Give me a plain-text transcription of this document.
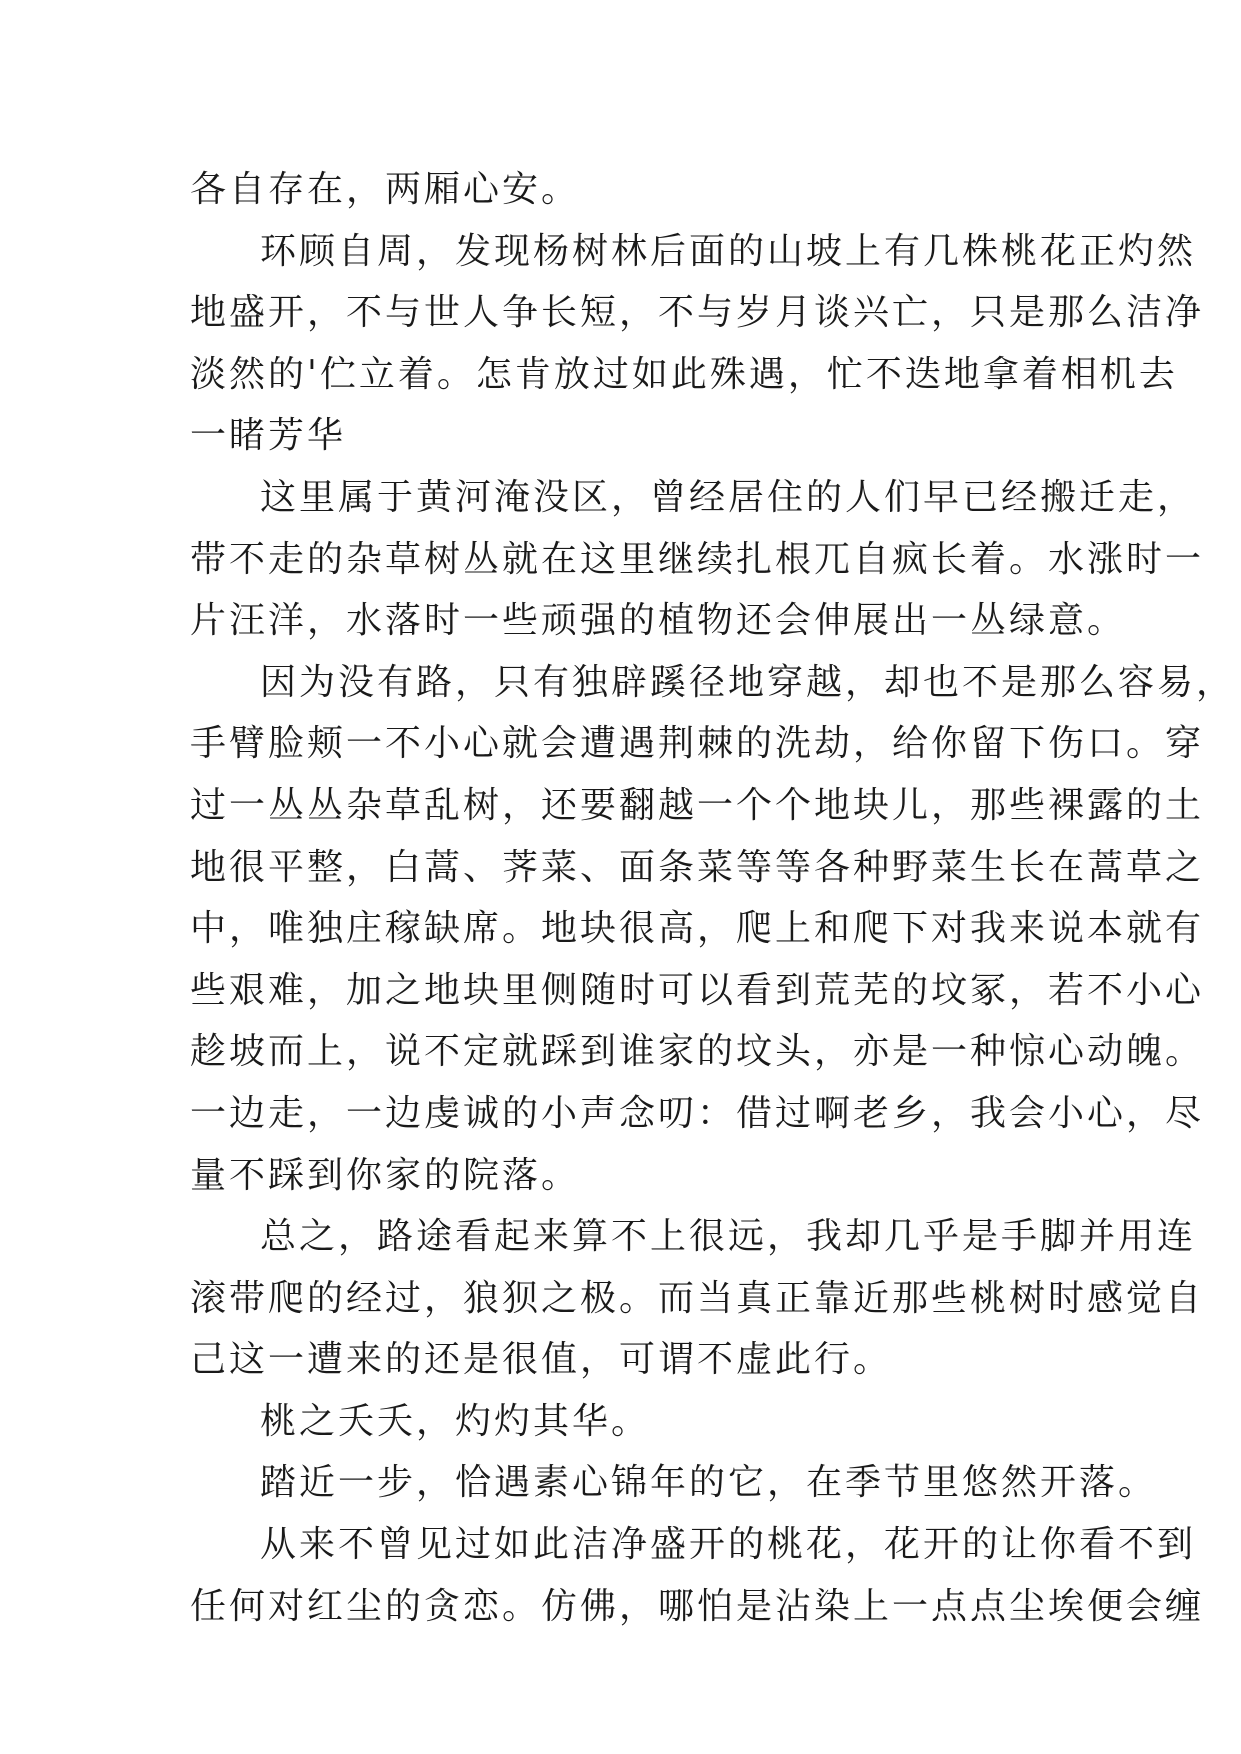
各自存在，两厢心安。
环顾自周，发现杨树林后面的山坡上有几株桃花正灼然
地盛开，不与世人争长短，不与岁月谈兴亡，只是那么洁净
淡然的'伫立着。怎肯放过如此殊遇，忙不迭地拿着相机去
一睹芳华
这里属于黄河淹没区，曾经居住的人们早已经搬迁走，
带不走的杂草树丛就在这里继续扎根兀自疯长着。水涨时一
片汪洋，水落时一些顽强的植物还会伸展出一丛绿意。
因为没有路，只有独辟蹊径地穿越，却也不是那么容易，
手臂脸颊一不小心就会遭遇荆棘的洗劫，给你留下伤口。穿
过一丛丛杂草乱树，还要翻越一个个地块儿，那些裸露的土
地很平整，白蒿、荠菜、面条菜等等各种野菜生长在蒿草之
中，唯独庄稼缺席。地块很高，爬上和爬下对我来说本就有
些艰难，加之地块里侧随时可以看到荒芜的坟冢，若不小心
趁坡而上，说不定就踩到谁家的坟头，亦是一种惊心动魄。
一边走，一边虔诚的小声念叨：借过啊老乡，我会小心，尽
量不踩到你家的院落。
总之，路途看起来算不上很远，我却几乎是手脚并用连
滚带爬的经过，狼狈之极。而当真正靠近那些桃树时感觉自
己这一遭来的还是很值，可谓不虚此行。
桃之夭夭，灼灼其华。
踏近一步，恰遇素心锦年的它，在季节里悠然开落。
从来不曾见过如此洁净盛开的桃花，花开的让你看不到
任何对红尘的贪恋。仿佛，哪怕是沾染上一点点尘埃便会缠
